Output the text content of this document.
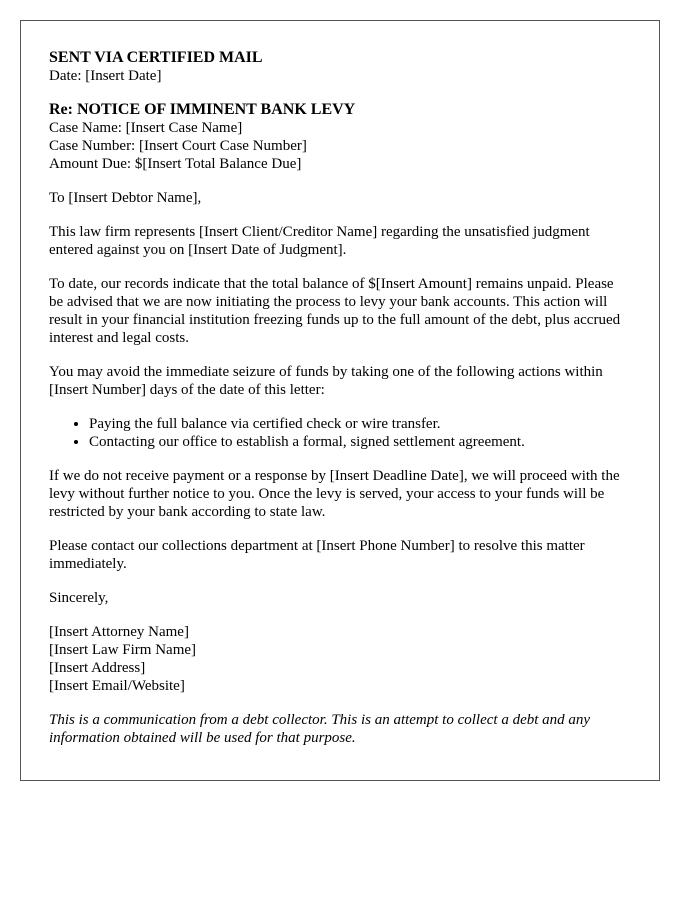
SENT VIA CERTIFIED MAIL
Date: [Insert Date]
Re: NOTICE OF IMMINENT BANK LEVY
Case Name: [Insert Case Name]
Case Number: [Insert Court Case Number]
Amount Due: $[Insert Total Balance Due]

To [Insert Debtor Name],

This law firm represents [Insert Client/Creditor Name] regarding the unsatisfied judgment entered against you on [Insert Date of Judgment].

To date, our records indicate that the total balance of $[Insert Amount] remains unpaid. Please be advised that we are now initiating the process to levy your bank accounts. This action will result in your financial institution freezing funds up to the full amount of the debt, plus accrued interest and legal costs.

You may avoid the immediate seizure of funds by taking one of the following actions within [Insert Number] days of the date of this letter:

• Paying the full balance via certified check or wire transfer.
• Contacting our office to establish a formal, signed settlement agreement.

If we do not receive payment or a response by [Insert Deadline Date], we will proceed with the levy without further notice to you. Once the levy is served, your access to your funds will be restricted by your bank according to state law.

Please contact our collections department at [Insert Phone Number] to resolve this matter immediately.

Sincerely,

[Insert Attorney Name]
[Insert Law Firm Name]
[Insert Address]
[Insert Email/Website]

This is a communication from a debt collector. This is an attempt to collect a debt and any information obtained will be used for that purpose.
